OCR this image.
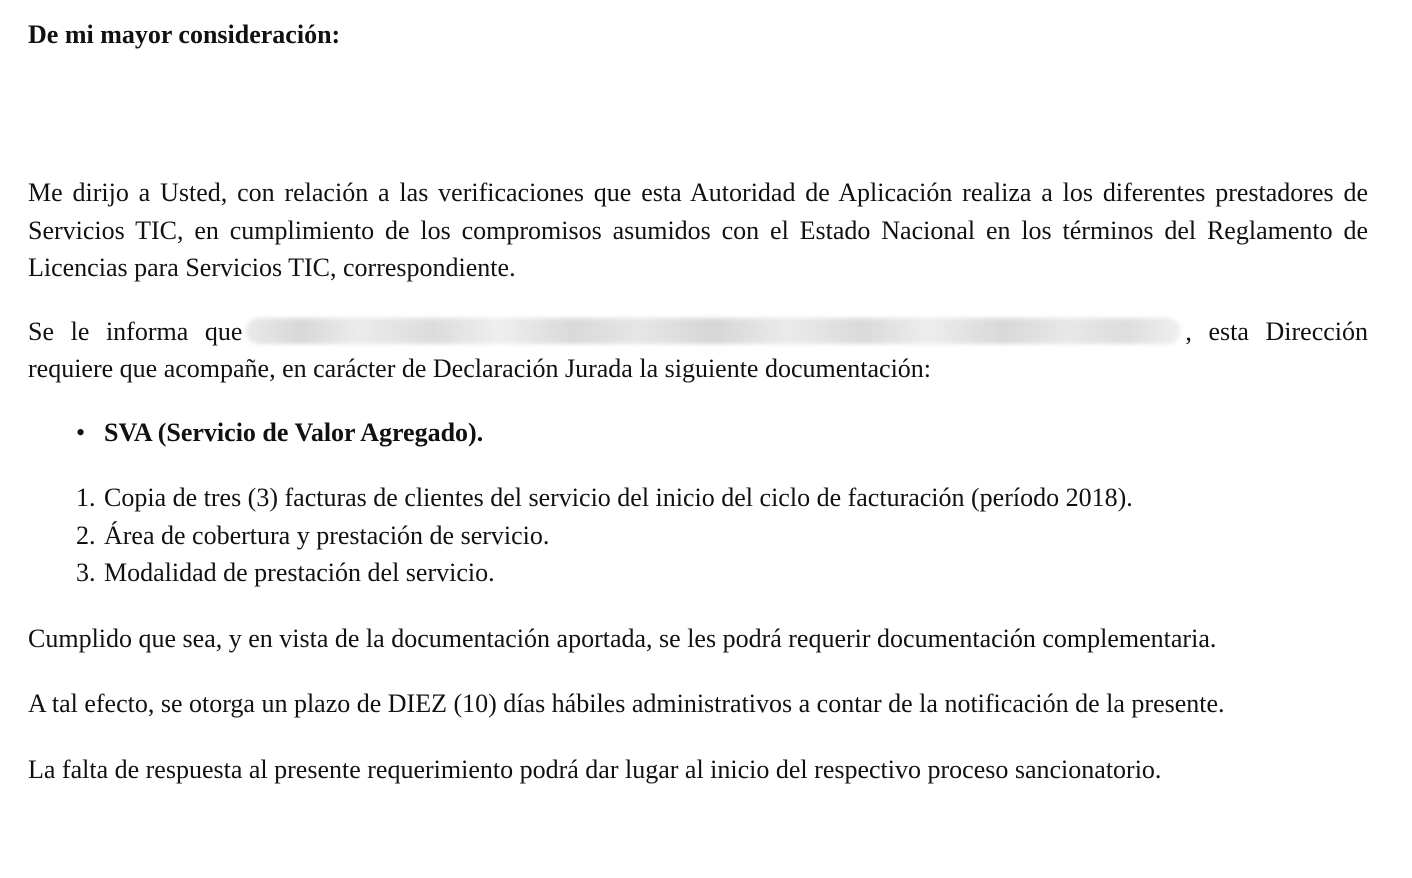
De mi mayor consideración:

Me dirijo a Usted, con relación a las verificaciones que esta Autoridad de Aplicación realiza a los diferentes prestadores de Servicios TIC, en cumplimiento de los compromisos asumidos con el Estado Nacional en los términos del Reglamento de Licencias para Servicios TIC, correspondiente.

Se le informa que	, esta Dirección requiere que acompañe, en carácter de Declaración Jurada la siguiente documentación:

• SVA (Servicio de Valor Agregado).
1. Copia de tres (3) facturas de clientes del servicio del inicio del ciclo de facturación (período 2018).
2. Área de cobertura y prestación de servicio.
3. Modalidad de prestación del servicio.

Cumplido que sea, y en vista de la documentación aportada, se les podrá requerir documentación complementaria.

A tal efecto, se otorga un plazo de DIEZ (10) días hábiles administrativos a contar de la notificación de la presente.

La falta de respuesta al presente requerimiento podrá dar lugar al inicio del respectivo proceso sancionatorio.
